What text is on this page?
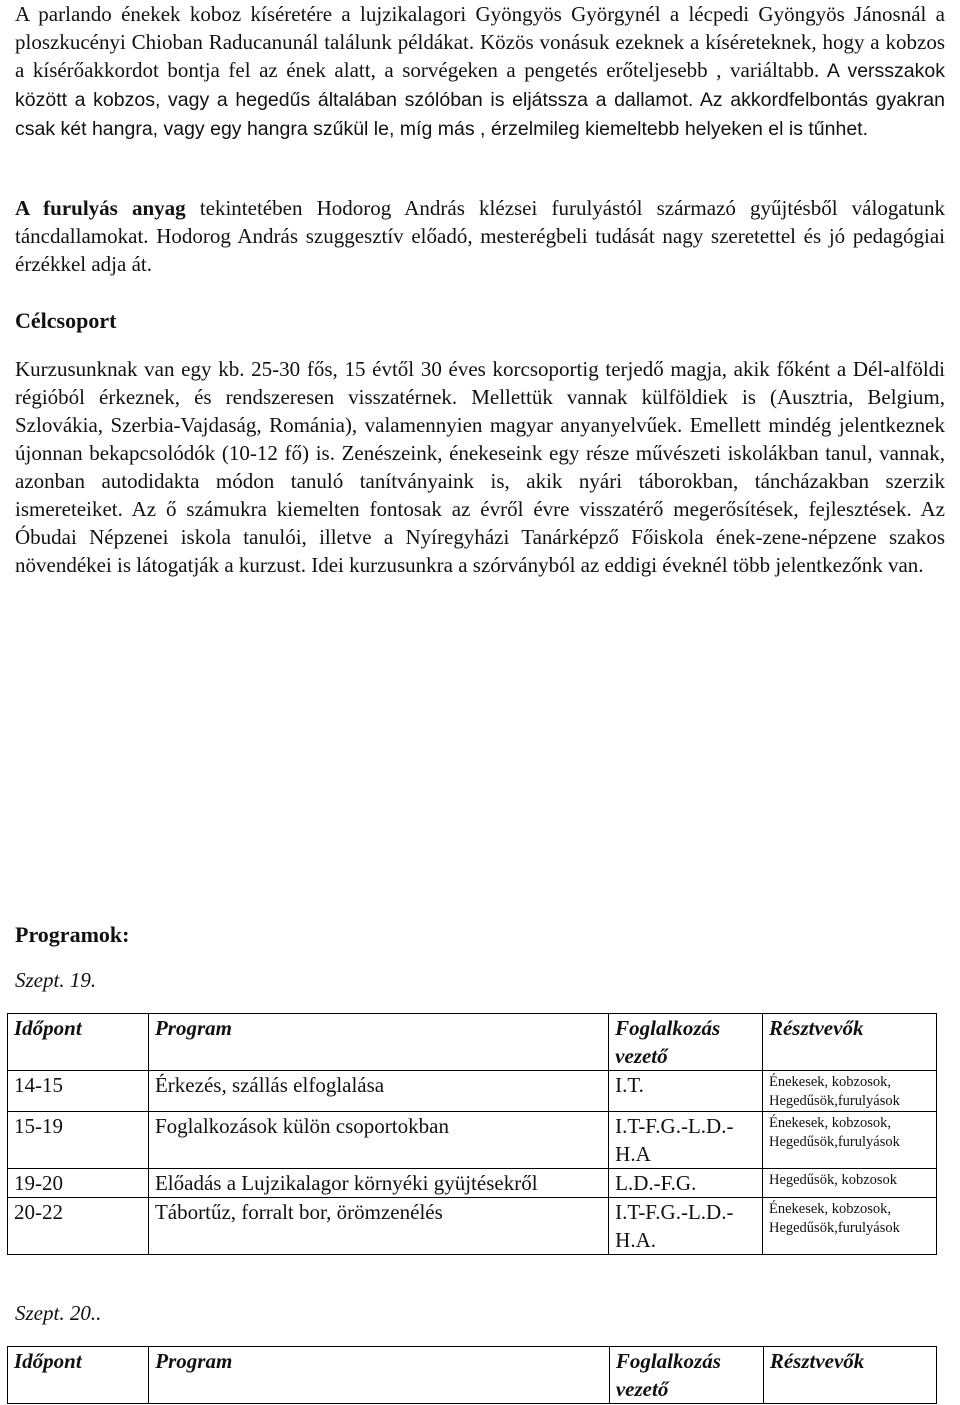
A parlando énekek koboz kíséretére a lujzikalagori Gyöngyös Györgynél a lécpedi Gyöngyös Jánosnál a ploszkucényi Chioban Raducanunál találunk példákat. Közös vonásuk ezeknek a kíséreteknek, hogy a kobzos a kísérőakkordot bontja fel az ének alatt, a sorvégeken a pengetés erőteljesebb , variáltabb. A versszakok között a kobzos, vagy a hegedűs általában szólóban is eljátssza a dallamot. Az akkordfelbontás gyakran csak két hangra, vagy egy hangra szűkül le, míg más , érzelmileg kiemeltebb helyeken el is tűnhet.

A furulyás anyag tekintetében Hodorog András klézsei furulyástól származó gyűjtésből válogatunk táncdallamokat. Hodorog András szuggesztív előadó, mesterégbeli tudását nagy szeretettel és jó pedagógiai érzékkel adja át.

Célcsoport

Kurzusunknak van egy kb. 25-30 fős, 15 évtől 30 éves korcsoportig terjedő magja, akik főként a Dél-alföldi régióból érkeznek, és rendszeresen visszatérnek. Mellettük vannak külföldiek is (Ausztria, Belgium, Szlovákia, Szerbia-Vajdaság, Románia), valamennyien magyar anyanyelvűek. Emellett mindég jelentkeznek újonnan bekapcsolódók (10-12 fő) is. Zenészeink, énekeseink egy része művészeti iskolákban tanul, vannak, azonban autodidakta módon tanuló tanítványaink is, akik nyári táborokban, táncházakban szerzik ismereteiket. Az ő számukra kiemelten fontosak az évről évre visszatérő megerősítések, fejlesztések. Az Óbudai Népzenei iskola tanulói, illetve a Nyíregyházi Tanárképző Főiskola ének-zene-népzene szakos növendékei is látogatják a kurzust. Idei kurzusunkra a szórványból az eddigi éveknél több jelentkezőnk van.

Programok:
Szept. 19.
Időpont	Program	Foglalkozás vezető	Résztvevők
14-15	Érkezés, szállás elfoglalása	I.T.	Énekesek, kobzosok, Hegedűsök,furulyások
15-19	Foglalkozások külön csoportokban	I.T-F.G.-L.D.-H.A	Énekesek, kobzosok, Hegedűsök,furulyások
19-20	Előadás a Lujzikalagor környéki gyüjtésekről	L.D.-F.G.	Hegedűsök, kobzosok
20-22	Tábortűz, forralt bor, örömzenélés	I.T-F.G.-L.D.-H.A.	Énekesek, kobzosok, Hegedűsök,furulyások
Szept. 20..
Időpont	Program	Foglalkozás vezető	Résztvevők
